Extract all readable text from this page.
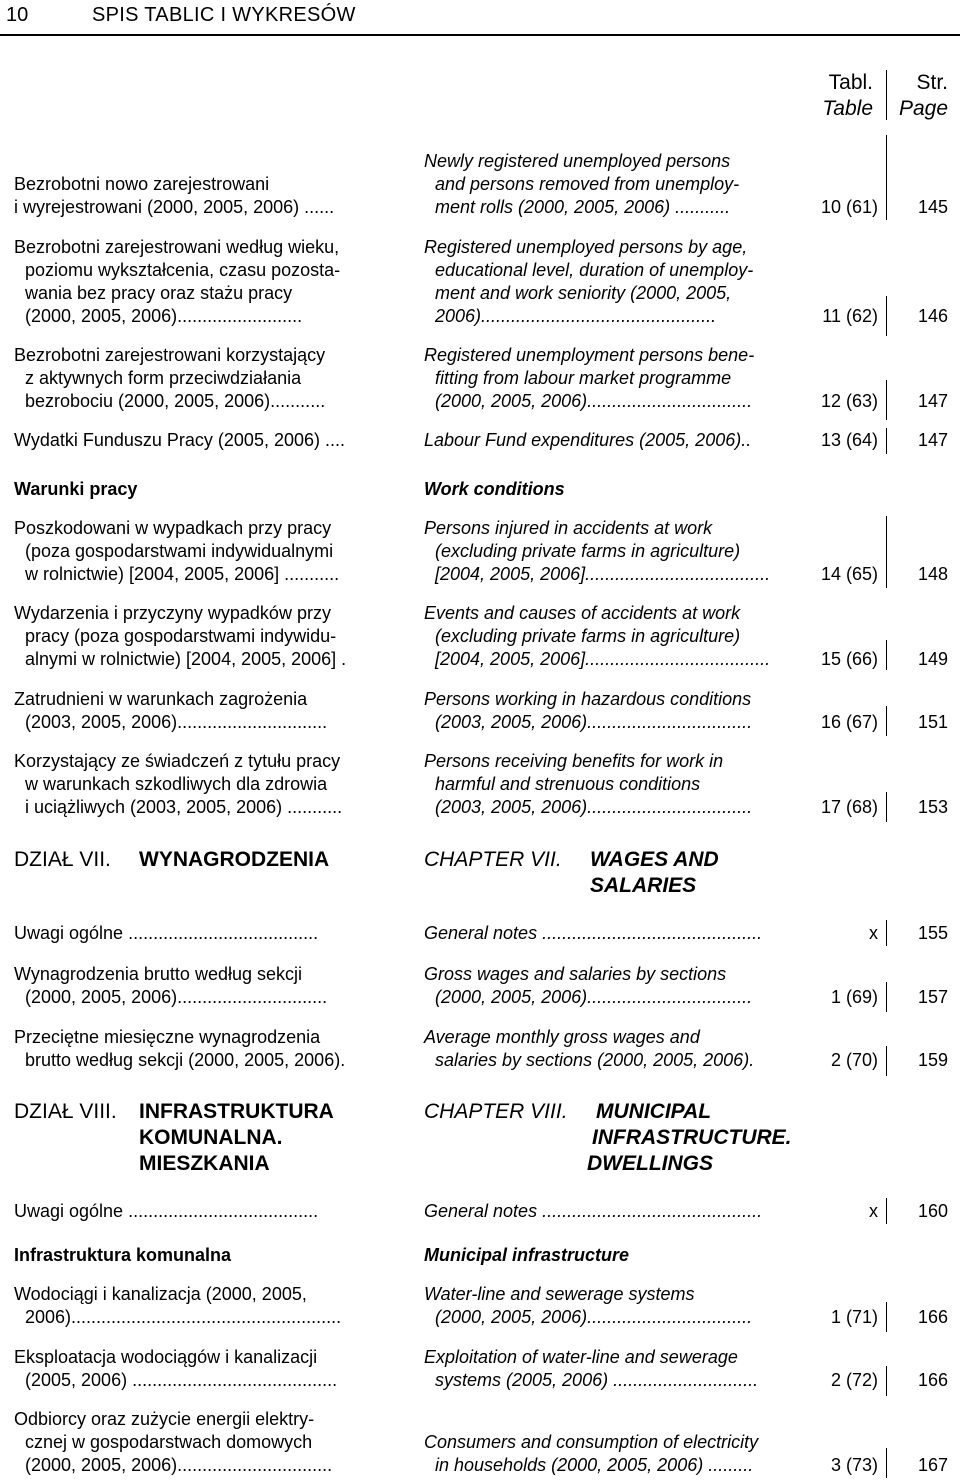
10	SPIS TABLIC I WYKRESÓW
Tabl.
Table
Str.
Page
Bezrobotni nowo zarejestrowani
i wyrejestrowani (2000, 2005, 2006) ......
Newly registered unemployed persons
and persons removed from unemploy-
ment rolls (2000, 2005, 2006) ...........	10 (61)	145
Bezrobotni zarejestrowani według wieku,
poziomu wykształcenia, czasu pozosta-
wania bez pracy oraz stażu pracy
(2000, 2005, 2006).........................
Registered unemployed persons by age,
educational level, duration of unemploy-
ment and work seniority (2000, 2005,
2006)...............................................	11 (62)	146
Bezrobotni zarejestrowani korzystający
z aktywnych form przeciwdziałania
bezrobociu (2000, 2005, 2006)...........
Registered unemployment persons bene-
fitting from labour market programme
(2000, 2005, 2006).................................	12 (63)	147
Wydatki Funduszu Pracy (2005, 2006) ....	Labour Fund expenditures (2005, 2006)..	13 (64)	147
Warunki pracy	Work conditions
Poszkodowani w wypadkach przy pracy
(poza gospodarstwami indywidualnymi
w rolnictwie) [2004, 2005, 2006] ...........
Persons injured in accidents at work
(excluding private farms in agriculture)
[2004, 2005, 2006].....................................	14 (65)	148
Wydarzenia i przyczyny wypadków przy
pracy (poza gospodarstwami indywidu-
alnymi w rolnictwie) [2004, 2005, 2006] .
Events and causes of accidents at work
(excluding private farms in agriculture)
[2004, 2005, 2006].....................................	15 (66)	149
Zatrudnieni w warunkach zagrożenia
(2003, 2005, 2006)..............................
Persons working in hazardous conditions
(2003, 2005, 2006).................................	16 (67)	151
Korzystający ze świadczeń z tytułu pracy
w warunkach szkodliwych dla zdrowia
i uciążliwych (2003, 2005, 2006) ...........
Persons receiving benefits for work in
harmful and strenuous conditions
(2003, 2005, 2006).................................	17 (68)	153
DZIAŁ VII. WYNAGRODZENIA	CHAPTER VII. WAGES AND
SALARIES
Uwagi ogólne ......................................	General notes ............................................	x	155
Wynagrodzenia brutto według sekcji
(2000, 2005, 2006)..............................
Gross wages and salaries by sections
(2000, 2005, 2006).................................	1 (69)	157
Przeciętne miesięczne wynagrodzenia
brutto według sekcji (2000, 2005, 2006).
Average monthly gross wages and
salaries by sections (2000, 2005, 2006).	2 (70)	159
DZIAŁ VIII. INFRASTRUKTURA
KOMUNALNA.
MIESZKANIA
CHAPTER VIII. MUNICIPAL
INFRASTRUCTURE.
DWELLINGS
Uwagi ogólne ......................................	General notes ............................................	x	160
Infrastruktura komunalna	Municipal infrastructure
Wodociągi i kanalizacja (2000, 2005,
2006)......................................................
Water-line and sewerage systems
(2000, 2005, 2006).................................	1 (71)	166
Eksploatacja wodociągów i kanalizacji
(2005, 2006) .........................................
Exploitation of water-line and sewerage
systems (2005, 2006) .............................	2 (72)	166
Odbiorcy oraz zużycie energii elektry-
cznej w gospodarstwach domowych
(2000, 2005, 2006)...............................

Consumers and consumption of electricity
in households (2000, 2005, 2006) .........	3 (73)	167
